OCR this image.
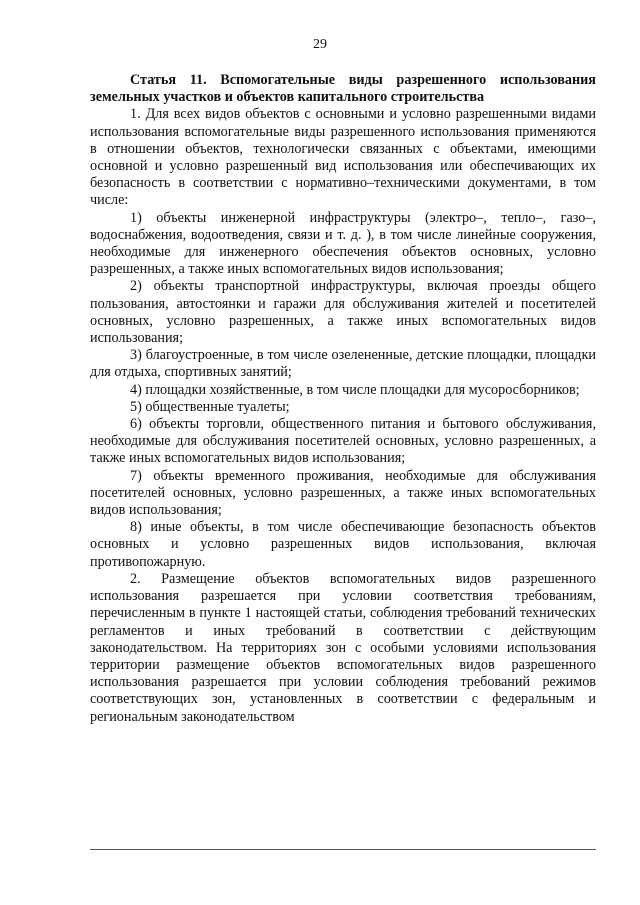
29

Статья 11. Вспомогательные виды разрешенного использования земельных участков и объектов капитального строительства

1. Для всех видов объектов с основными и условно разрешенными видами использования вспомогательные виды разрешенного использования применяются в отношении объектов, технологически связанных с объектами, имеющими основной и условно разрешенный вид использования или обеспечивающих их безопасность в соответствии с нормативно–техническими документами, в том числе:

1) объекты инженерной инфраструктуры (электро–, тепло–, газо–, водоснабжения, водоотведения, связи и т. д. ), в том числе линейные сооружения, необходимые для инженерного обеспечения объектов основных, условно разрешенных, а также иных вспомогательных видов использования;

2) объекты транспортной инфраструктуры, включая проезды общего пользования, автостоянки и гаражи для обслуживания жителей и посетителей основных, условно разрешенных, а также иных вспомогательных видов использования;

3) благоустроенные, в том числе озелененные, детские площадки, площадки для отдыха, спортивных занятий;

4) площадки хозяйственные, в том числе площадки для мусоросборников;

5) общественные туалеты;

6) объекты торговли, общественного питания и бытового обслуживания, необходимые для обслуживания посетителей основных, условно разрешенных, а также иных вспомогательных видов использования;

7) объекты временного проживания, необходимые для обслуживания посетителей основных, условно разрешенных, а также иных вспомогательных видов использования;

8) иные объекты, в том числе обеспечивающие безопасность объектов основных и условно разрешенных видов использования, включая противопожарную.

2. Размещение объектов вспомогательных видов разрешенного использования разрешается при условии соответствия требованиям, перечисленным в пункте 1 настоящей статьи, соблюдения требований технических регламентов и иных требований в соответствии с действующим законодательством. На территориях зон с особыми условиями использования территории размещение объектов вспомогательных видов разрешенного использования разрешается при условии соблюдения требований режимов соответствующих зон, установленных в соответствии с федеральным и региональным законодательством
